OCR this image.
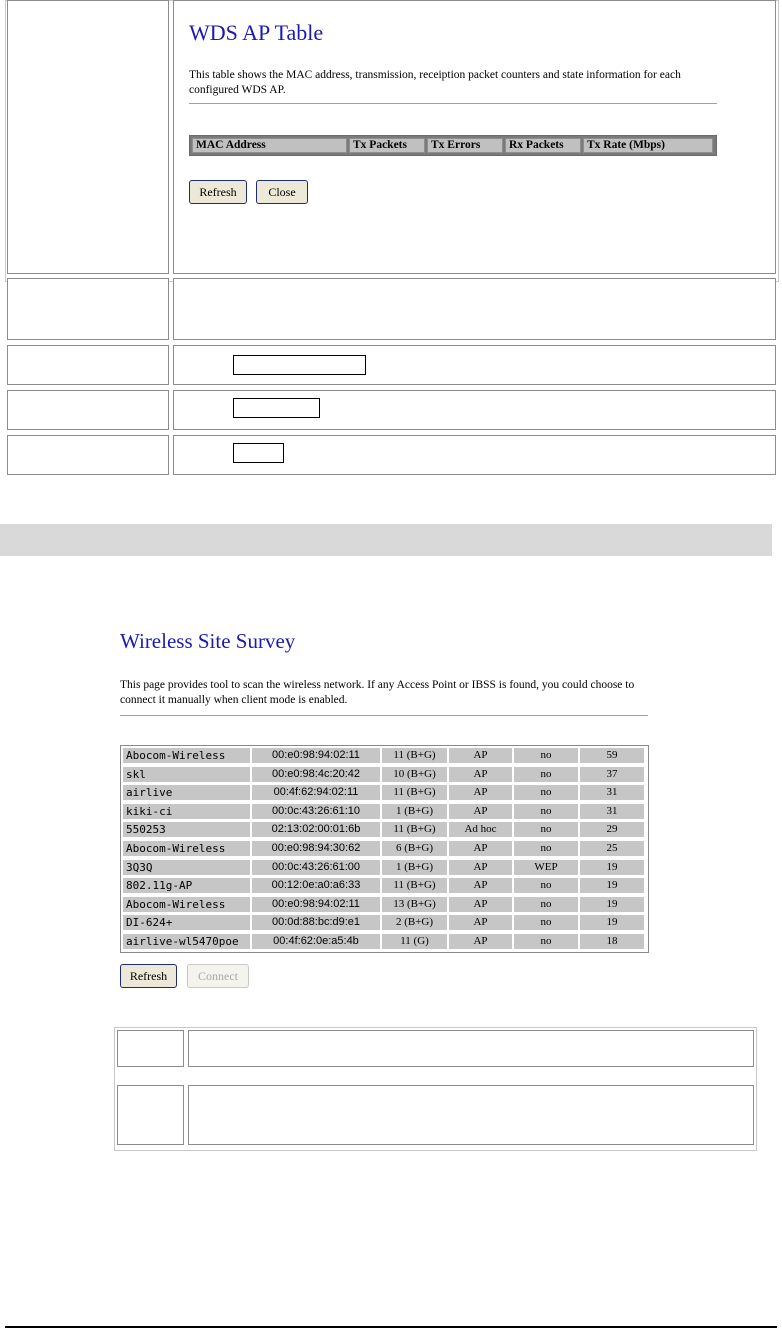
WDS AP Table
This table shows the MAC address, transmission, receiption packet counters and state information for each configured WDS AP.
MAC Address	Tx Packets	Tx Errors	Rx Packets	Tx Rate (Mbps)
Refresh	Close
Wireless Site Survey
This page provides tool to scan the wireless network. If any Access Point or IBSS is found, you could choose to connect it manually when client mode is enabled.
Abocom-Wireless	00:e0:98:94:02:11	11 (B+G)	AP	no	59
skl	00:e0:98:4c:20:42	10 (B+G)	AP	no	37
airlive	00:4f:62:94:02:11	11 (B+G)	AP	no	31
kiki-ci	00:0c:43:26:61:10	1 (B+G)	AP	no	31
550253	02:13:02:00:01:6b	11 (B+G)	Ad hoc	no	29
Abocom-Wireless	00:e0:98:94:30:62	6 (B+G)	AP	no	25
3Q3Q	00:0c:43:26:61:00	1 (B+G)	AP	WEP	19
802.11g-AP	00:12:0e:a0:a6:33	11 (B+G)	AP	no	19
Abocom-Wireless	00:e0:98:94:02:11	13 (B+G)	AP	no	19
DI-624+	00:0d:88:bc:d9:e1	2 (B+G)	AP	no	19
airlive-wl5470poe	00:4f:62:0e:a5:4b	11 (G)	AP	no	18
Refresh	Connect
